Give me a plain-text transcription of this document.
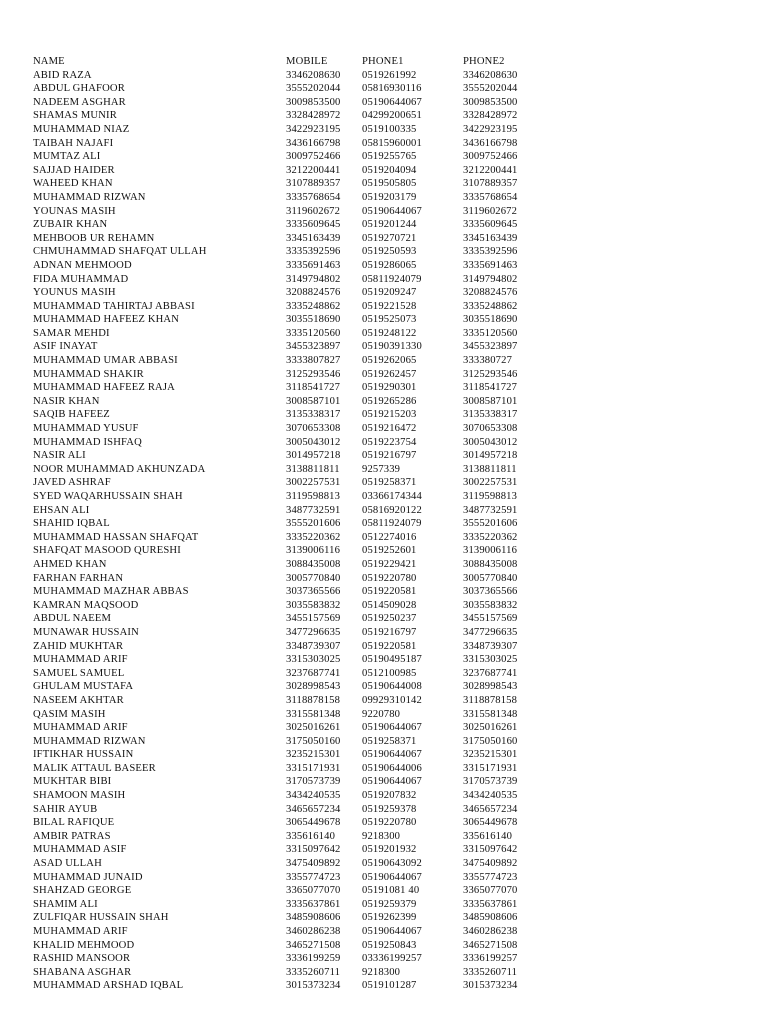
NAME	MOBILE	PHONE1	PHONE2
ABID RAZA	3346208630	0519261992	3346208630
ABDUL GHAFOOR	3555202044	05816930116	3555202044
NADEEM ASGHAR	3009853500	05190644067	3009853500
SHAMAS MUNIR	3328428972	04299200651	3328428972
MUHAMMAD NIAZ	3422923195	0519100335	3422923195
TAIBAH NAJAFI	3436166798	05815960001	3436166798
MUMTAZ ALI	3009752466	0519255765	3009752466
SAJJAD HAIDER	3212200441	0519204094	3212200441
WAHEED KHAN	3107889357	0519505805	3107889357
MUHAMMAD RIZWAN	3335768654	0519203179	3335768654
YOUNAS MASIH	3119602672	05190644067	3119602672
ZUBAIR KHAN	3335609645	0519201244	3335609645
MEHBOOB UR REHAMN	3345163439	0519270721	3345163439
CHMUHAMMAD SHAFQAT ULLAH	3335392596	0519250593	3335392596
ADNAN MEHMOOD	3335691463	0519286065	3335691463
FIDA MUHAMMAD	3149794802	05811924079	3149794802
YOUNUS MASIH	3208824576	0519209247	3208824576
MUHAMMAD TAHIRTAJ ABBASI	3335248862	0519221528	3335248862
MUHAMMAD HAFEEZ KHAN	3035518690	0519525073	3035518690
SAMAR MEHDI	3335120560	0519248122	3335120560
ASIF INAYAT	3455323897	05190391330	3455323897
MUHAMMAD UMAR ABBASI	3333807827	0519262065	333380727
MUHAMMAD SHAKIR	3125293546	0519262457	3125293546
MUHAMMAD HAFEEZ RAJA	3118541727	0519290301	3118541727
NASIR KHAN	3008587101	0519265286	3008587101
SAQIB HAFEEZ	3135338317	0519215203	3135338317
MUHAMMAD YUSUF	3070653308	0519216472	3070653308
MUHAMMAD ISHFAQ	3005043012	0519223754	3005043012
NASIR ALI	3014957218	0519216797	3014957218
NOOR MUHAMMAD AKHUNZADA	3138811811	9257339	3138811811
JAVED ASHRAF	3002257531	0519258371	3002257531
SYED WAQARHUSSAIN SHAH	3119598813	03366174344	3119598813
EHSAN ALI	3487732591	05816920122	3487732591
SHAHID IQBAL	3555201606	05811924079	3555201606
MUHAMMAD HASSAN SHAFQAT	3335220362	0512274016	3335220362
SHAFQAT MASOOD QURESHI	3139006116	0519252601	3139006116
AHMED KHAN	3088435008	0519229421	3088435008
FARHAN FARHAN	3005770840	0519220780	3005770840
MUHAMMAD MAZHAR ABBAS	3037365566	0519220581	3037365566
KAMRAN MAQSOOD	3035583832	0514509028	3035583832
ABDUL NAEEM	3455157569	0519250237	3455157569
MUNAWAR HUSSAIN	3477296635	0519216797	3477296635
ZAHID MUKHTAR	3348739307	0519220581	3348739307
MUHAMMAD ARIF	3315303025	05190495187	3315303025
SAMUEL SAMUEL	3237687741	0512100985	3237687741
GHULAM MUSTAFA	3028998543	05190644008	3028998543
NASEEM AKHTAR	3118878158	09929310142	3118878158
QASIM MASIH	3315581348	9220780	3315581348
MUHAMMAD ARIF	3025016261	05190644067	3025016261
MUHAMMAD RIZWAN	3175050160	0519258371	3175050160
IFTIKHAR HUSSAIN	3235215301	05190644067	3235215301
MALIK ATTAUL BASEER	3315171931	05190644006	3315171931
MUKHTAR BIBI	3170573739	05190644067	3170573739
SHAMOON MASIH	3434240535	0519207832	3434240535
SAHIR AYUB	3465657234	0519259378	3465657234
BILAL RAFIQUE	3065449678	0519220780	3065449678
AMBIR PATRAS	335616140	9218300	335616140
MUHAMMAD ASIF	3315097642	0519201932	3315097642
ASAD ULLAH	3475409892	05190643092	3475409892
MUHAMMAD JUNAID	3355774723	05190644067	3355774723
SHAHZAD GEORGE	3365077070	05191081 40	3365077070
SHAMIM ALI	3335637861	0519259379	3335637861
ZULFIQAR HUSSAIN SHAH	3485908606	0519262399	3485908606
MUHAMMAD ARIF	3460286238	05190644067	3460286238
KHALID MEHMOOD	3465271508	0519250843	3465271508
RASHID MANSOOR	3336199259	03336199257	3336199257
SHABANA ASGHAR	3335260711	9218300	3335260711
MUHAMMAD ARSHAD IQBAL	3015373234	0519101287	3015373234
